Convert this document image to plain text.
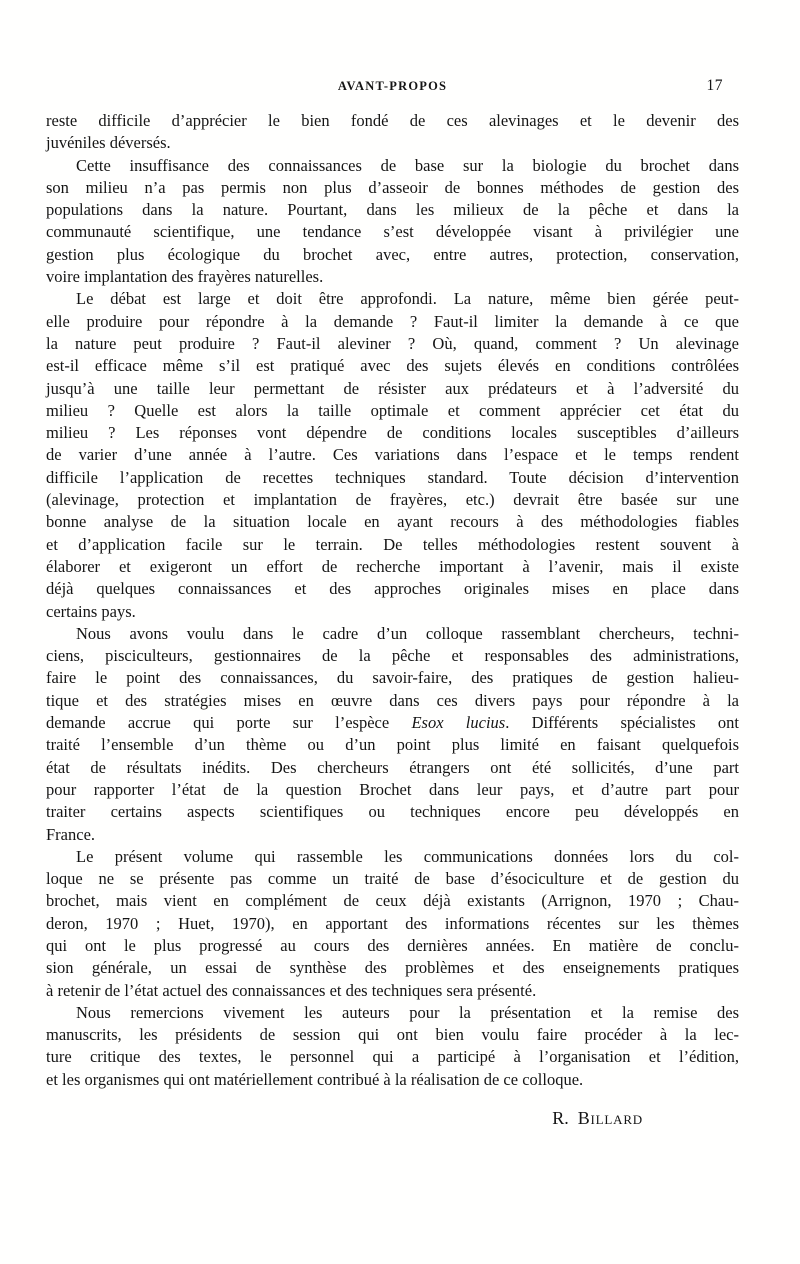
AVANT-PROPOS	17
reste difficile d’apprécier le bien fondé de ces alevinages et le devenir des
juvéniles déversés.
Cette insuffisance des connaissances de base sur la biologie du brochet dans
son milieu n’a pas permis non plus d’asseoir de bonnes méthodes de gestion des
populations dans la nature. Pourtant, dans les milieux de la pêche et dans la
communauté scientifique, une tendance s’est développée visant à privilégier une
gestion plus écologique du brochet avec, entre autres, protection, conservation,
voire implantation des frayères naturelles.
Le débat est large et doit être approfondi. La nature, même bien gérée peut-
elle produire pour répondre à la demande ? Faut-il limiter la demande à ce que
la nature peut produire ? Faut-il aleviner ? Où, quand, comment ? Un alevinage
est-il efficace même s’il est pratiqué avec des sujets élevés en conditions contrôlées
jusqu’à une taille leur permettant de résister aux prédateurs et à l’adversité du
milieu ? Quelle est alors la taille optimale et comment apprécier cet état du
milieu ? Les réponses vont dépendre de conditions locales susceptibles d’ailleurs
de varier d’une année à l’autre. Ces variations dans l’espace et le temps rendent
difficile l’application de recettes techniques standard. Toute décision d’intervention
(alevinage, protection et implantation de frayères, etc.) devrait être basée sur une
bonne analyse de la situation locale en ayant recours à des méthodologies fiables
et d’application facile sur le terrain. De telles méthodologies restent souvent à
élaborer et exigeront un effort de recherche important à l’avenir, mais il existe
déjà quelques connaissances et des approches originales mises en place dans
certains pays.
Nous avons voulu dans le cadre d’un colloque rassemblant chercheurs, techni-
ciens, pisciculteurs, gestionnaires de la pêche et responsables des administrations,
faire le point des connaissances, du savoir-faire, des pratiques de gestion halieu-
tique et des stratégies mises en œuvre dans ces divers pays pour répondre à la
demande accrue qui porte sur l’espèce Esox lucius. Différents spécialistes ont
traité l’ensemble d’un thème ou d’un point plus limité en faisant quelquefois
état de résultats inédits. Des chercheurs étrangers ont été sollicités, d’une part
pour rapporter l’état de la question Brochet dans leur pays, et d’autre part pour
traiter certains aspects scientifiques ou techniques encore peu développés en
France.
Le présent volume qui rassemble les communications données lors du col-
loque ne se présente pas comme un traité de base d’ésociculture et de gestion du
brochet, mais vient en complément de ceux déjà existants (Arrignon, 1970 ; Chau-
deron, 1970 ; Huet, 1970), en apportant des informations récentes sur les thèmes
qui ont le plus progressé au cours des dernières années. En matière de conclu-
sion générale, un essai de synthèse des problèmes et des enseignements pratiques
à retenir de l’état actuel des connaissances et des techniques sera présenté.
Nous remercions vivement les auteurs pour la présentation et la remise des
manuscrits, les présidents de session qui ont bien voulu faire procéder à la lec-
ture critique des textes, le personnel qui a participé à l’organisation et l’édition,
et les organismes qui ont matériellement contribué à la réalisation de ce colloque.
R. Billard
